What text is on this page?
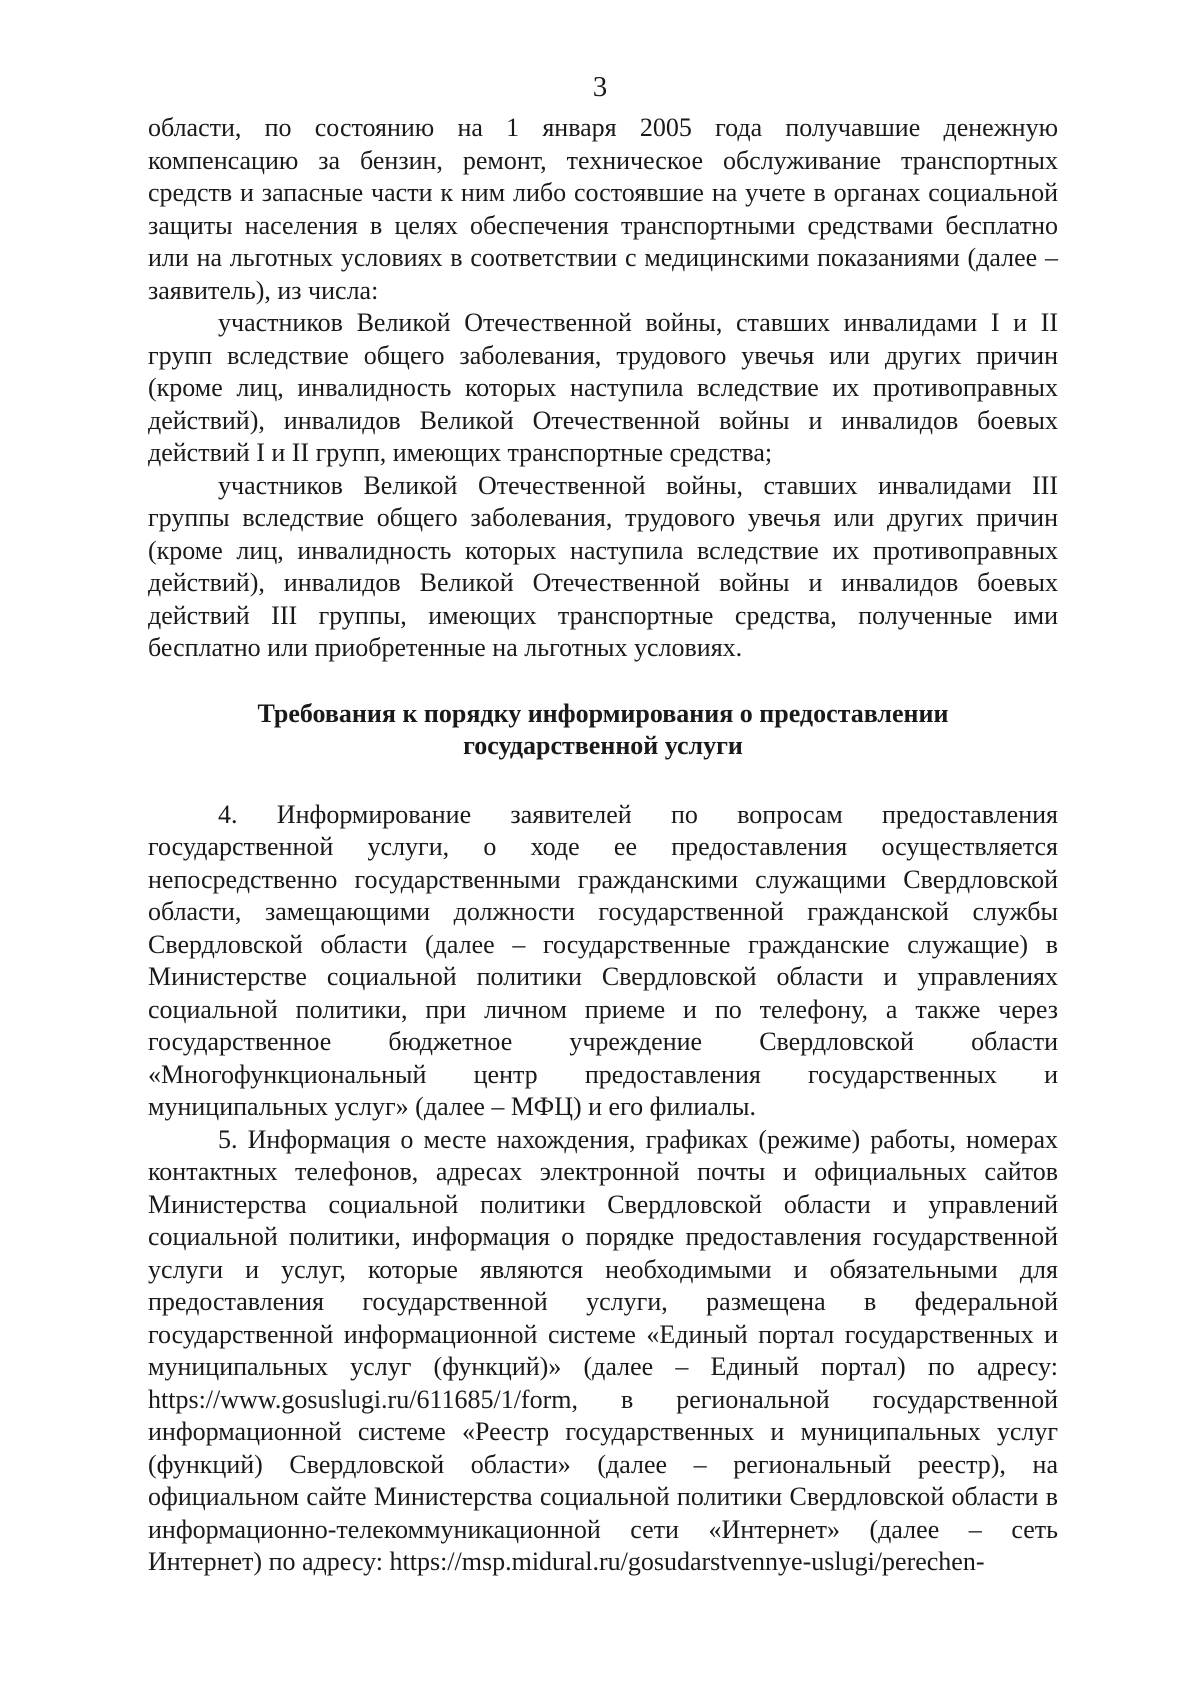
3

области, по состоянию на 1 января 2005 года получавшие денежную компенсацию за бензин, ремонт, техническое обслуживание транспортных средств и запасные части к ним либо состоявшие на учете в органах социальной защиты населения в целях обеспечения транспортными средствами бесплатно или на льготных условиях в соответствии с медицинскими показаниями (далее – заявитель), из числа:

участников Великой Отечественной войны, ставших инвалидами I и II групп вследствие общего заболевания, трудового увечья или других причин (кроме лиц, инвалидность которых наступила вследствие их противоправных действий), инвалидов Великой Отечественной войны и инвалидов боевых действий I и II групп, имеющих транспортные средства;

участников Великой Отечественной войны, ставших инвалидами III группы вследствие общего заболевания, трудового увечья или других причин (кроме лиц, инвалидность которых наступила вследствие их противоправных действий), инвалидов Великой Отечественной войны и инвалидов боевых действий III группы, имеющих транспортные средства, полученные ими бесплатно или приобретенные на льготных условиях.

Требования к порядку информирования о предоставлении
государственной услуги

4. Информирование заявителей по вопросам предоставления государственной услуги, о ходе ее предоставления осуществляется непосредственно государственными гражданскими служащими Свердловской области, замещающими должности государственной гражданской службы Свердловской области (далее – государственные гражданские служащие) в Министерстве социальной политики Свердловской области и управлениях социальной политики, при личном приеме и по телефону, а также через государственное бюджетное учреждение Свердловской области «Многофункциональный центр предоставления государственных и муниципальных услуг» (далее – МФЦ) и его филиалы.

5. Информация о месте нахождения, графиках (режиме) работы, номерах контактных телефонов, адресах электронной почты и официальных сайтов Министерства социальной политики Свердловской области и управлений социальной политики, информация о порядке предоставления государственной услуги и услуг, которые являются необходимыми и обязательными для предоставления государственной услуги, размещена в федеральной государственной информационной системе «Единый портал государственных и муниципальных услуг (функций)» (далее – Единый портал) по адресу: https://www.gosuslugi.ru/611685/1/form, в региональной государственной информационной системе «Реестр государственных и муниципальных услуг (функций) Свердловской области» (далее – региональный реестр), на официальном сайте Министерства социальной политики Свердловской области в информационно-телекоммуникационной сети «Интернет» (далее – сеть Интернет) по адресу: https://msp.midural.ru/gosudarstvennye-uslugi/perechen-
